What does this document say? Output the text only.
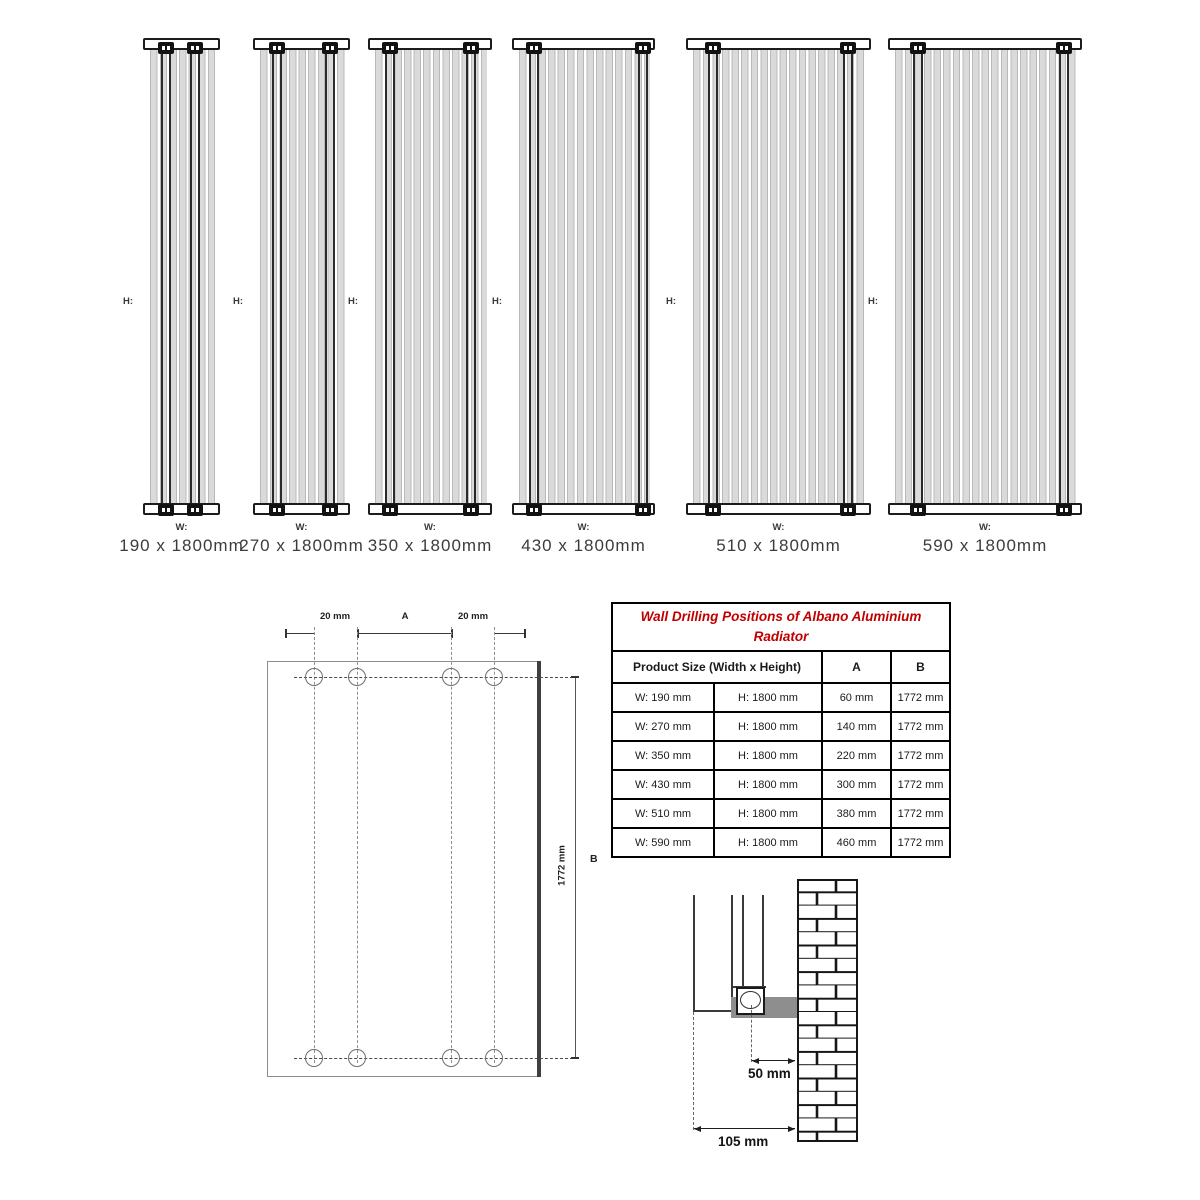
H:
W:
190 x 1800mm
H:
W:
270 x 1800mm
H:
W:
350 x 1800mm
H:
W:
430 x 1800mm
H:
W:
510 x 1800mm
H:
W:
590 x 1800mm
20 mm	A	20 mm
1772 mm B
Wall Drilling Positions of Albano Aluminium Radiator			
Product Size (Width x Height)		A	B
W: 190 mm	H: 1800 mm	60 mm	1772 mm
W: 270 mm	H: 1800 mm	140 mm	1772 mm
W: 350 mm	H: 1800 mm	220 mm	1772 mm
W: 430 mm	H: 1800 mm	300 mm	1772 mm
W: 510 mm	H: 1800 mm	380 mm	1772 mm
W: 590 mm	H: 1800 mm	460 mm	1772 mm
50 mm
105 mm
